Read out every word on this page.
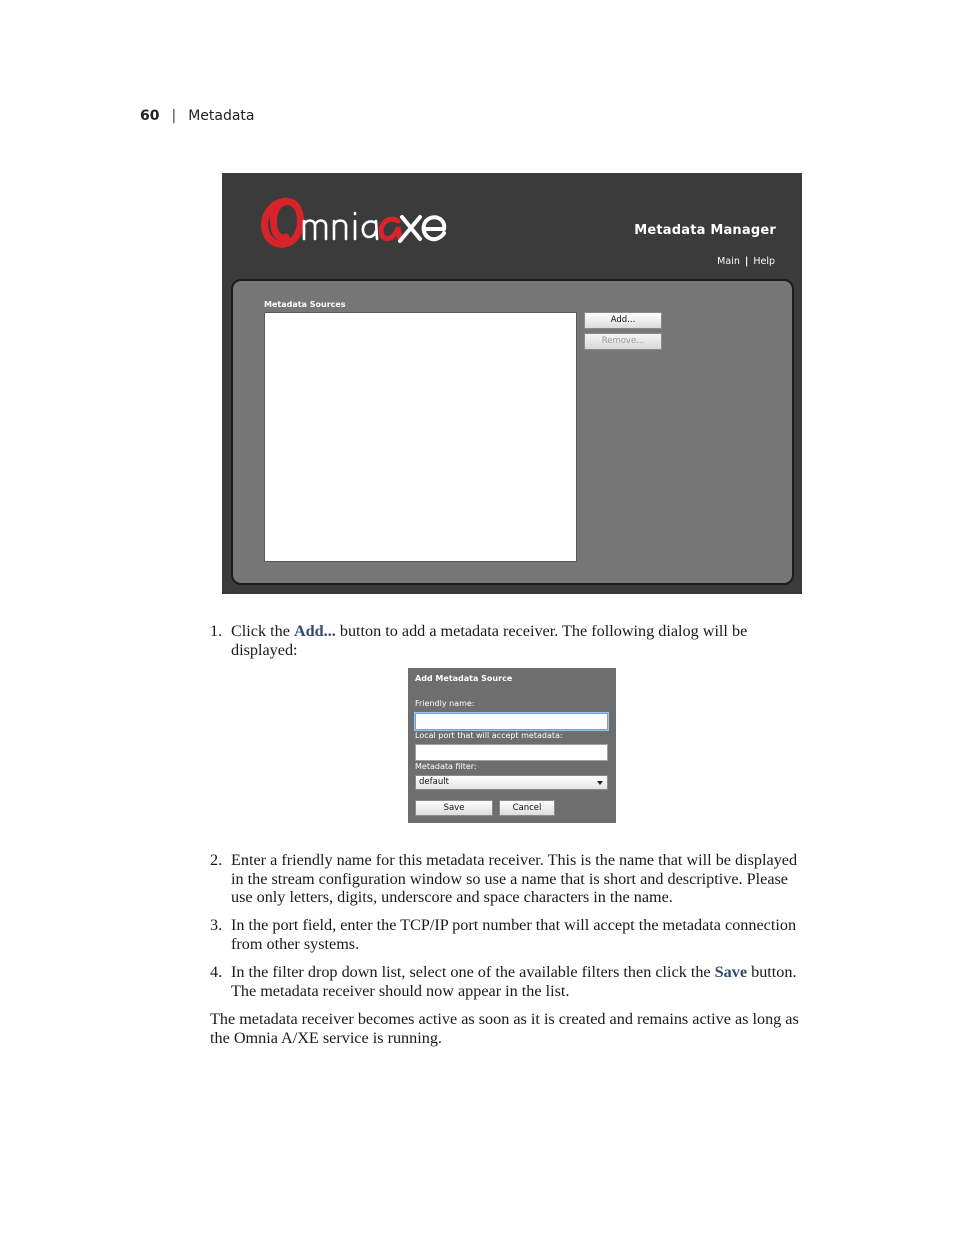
60 | Metadata
Metadata Manager
Main | Help
Metadata Sources
Add...
Remove...
1. Click the Add... button to add a metadata receiver. The following dialog will be displayed:
Add Metadata Source
Friendly name:
Local port that will accept metadata:
Metadata filter:
default
Save	Cancel
2. Enter a friendly name for this metadata receiver. This is the name that will be displayed in the stream configuration window so use a name that is short and descriptive. Please use only letters, digits, underscore and space characters in the name.
3. In the port field, enter the TCP/IP port number that will accept the metadata connection from other systems.
4. In the filter drop down list, select one of the available filters then click the Save button. The metadata receiver should now appear in the list.
The metadata receiver becomes active as soon as it is created and remains active as long as the Omnia A/XE service is running.
